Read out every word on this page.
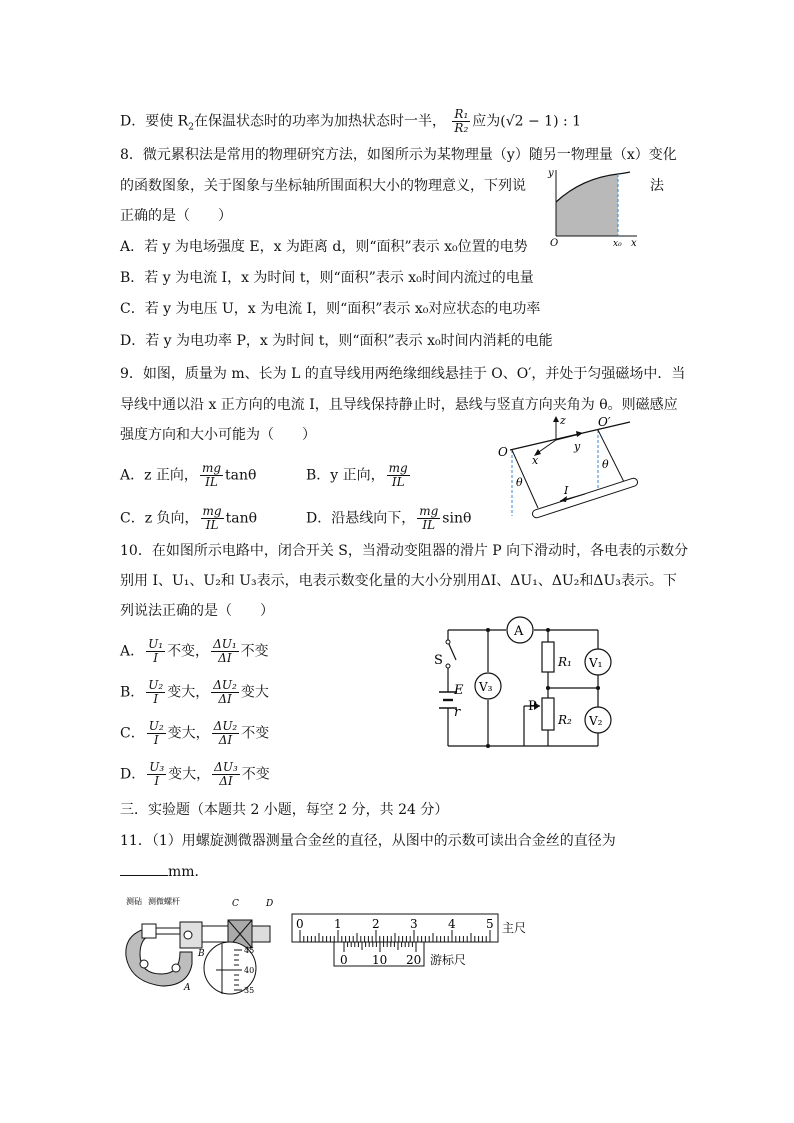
D．要使 $R_2$在保温状态时的功率为加热状态时一半， $\frac{\text{R₁}}{\text{R₂}}$ 应为(√2 − 1) : 1
8．微元累积法是常用的物理研究方法，如图所示为某物理量（y）随另一物理量（x）变化
的函数图象，关于图象与坐标轴所围面积大小的物理意义，下列说	法
正确的是（　　）
A．若 y 为电场强度 E，x 为距离 d，则“面积”表示 x₀位置的电势
B．若 y 为电流 I，x 为时间 t，则“面积”表示 x₀时间内流过的电量
C．若 y 为电压 U，x 为电流 I，则“面积”表示 x₀对应状态的电功率
D．若 y 为电功率 P，x 为时间 t，则“面积”表示 x₀时间内消耗的电能
y
O	x₀ x
9．如图，质量为 m、长为 L 的直导线用两绝缘细线悬挂于 O、O′，并处于匀强磁场中．当
导线中通以沿 x 正方向的电流 I，且导线保持静止时，悬线与竖直方向夹角为 θ。则磁感应
强度方向和大小可能为（　　）
A．z 正向， $\frac{mg}{IL}$ tanθ	B．y 正向， $\frac{mg}{IL}$
C．z 负向， $\frac{mg}{IL}$ tanθ	D．沿悬线向下， $\frac{mg}{IL}$ sinθ
O
O′
z
x
y
θ
θ
I
10．在如图所示电路中，闭合开关 S，当滑动变阻器的滑片 P 向下滑动时，各电表的示数分
别用 I、U₁、U₂和 U₃表示，电表示数变化量的大小分别用ΔI、ΔU₁、ΔU₂和ΔU₃表示。下
列说法正确的是（　　）
A． $\frac{\text{U₁}}{I}$ 不变， $\frac{\text{ΔU₁}}{\Delta I}$ 不变
B． $\frac{\text{U₂}}{I}$ 变大， $\frac{\text{ΔU₂}}{\Delta I}$ 变大
C． $\frac{\text{U₂}}{I}$ 变大， $\frac{\text{ΔU₂}}{\Delta I}$ 不变
D． $\frac{\text{U₃}}{I}$ 变大， $\frac{\text{ΔU₃}}{\Delta I}$ 不变
A
S
E
r
V₃
R₁ V₁
P
R₂ V₂
三．实验题（本题共 2 小题，每空 2 分，共 24 分）
11．（1）用螺旋测微器测量合金丝的直径，从图中的示数可读出合金丝的直径为
mm．
测砧 测微螺杆	C	D
B
A
45
40
35
0	1	2	3	4	5 主尺
0 10 20 游标尺
